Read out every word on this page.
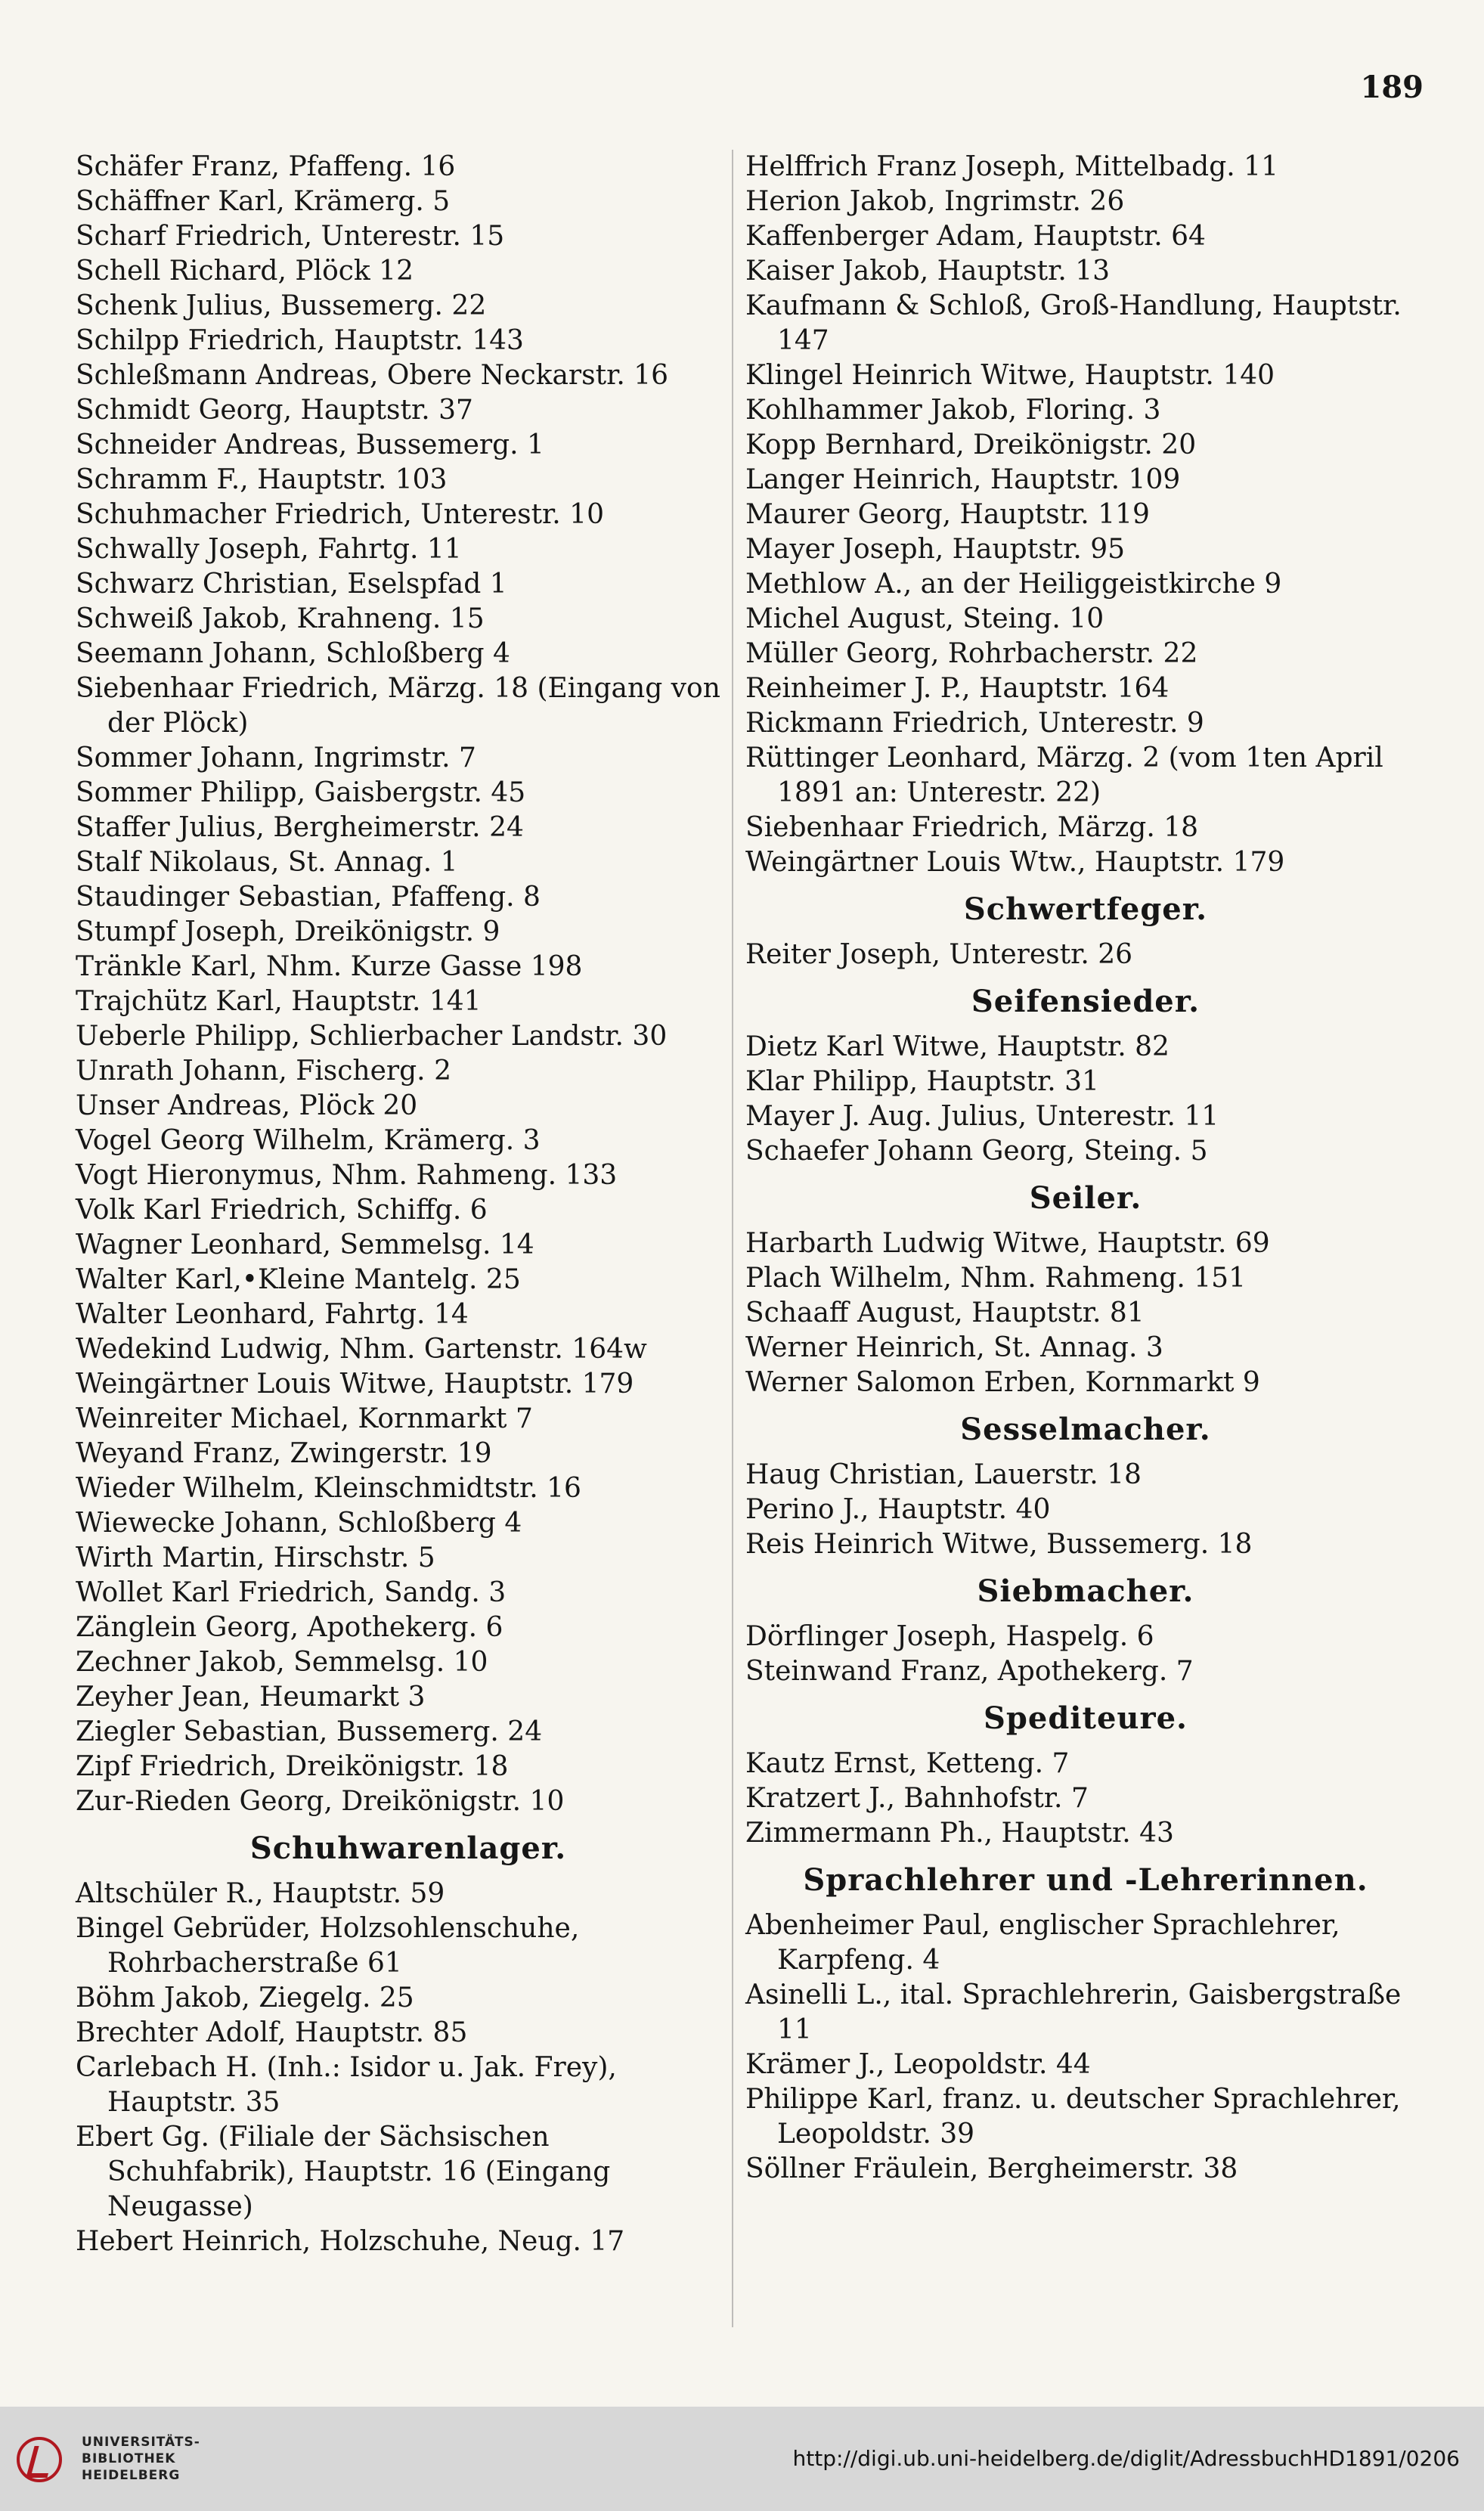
189
Schäfer Franz, Pfaffeng. 16
Schäffner Karl, Krämerg. 5
Scharf Friedrich, Unterestr. 15
Schell Richard, Plöck 12
Schenk Julius, Bussemerg. 22
Schilpp Friedrich, Hauptstr. 143
Schleßmann Andreas, Obere Neckarstr. 16
Schmidt Georg, Hauptstr. 37
Schneider Andreas, Bussemerg. 1
Schramm F., Hauptstr. 103
Schuhmacher Friedrich, Unterestr. 10
Schwally Joseph, Fahrtg. 11
Schwarz Christian, Eselspfad 1
Schweiß Jakob, Krahneng. 15
Seemann Johann, Schloßberg 4
Siebenhaar Friedrich, Märzg. 18 (Eingang von der Plöck)
Sommer Johann, Ingrimstr. 7
Sommer Philipp, Gaisbergstr. 45
Staffer Julius, Bergheimerstr. 24
Stalf Nikolaus, St. Annag. 1
Staudinger Sebastian, Pfaffeng. 8
Stumpf Joseph, Dreikönigstr. 9
Tränkle Karl, Nhm. Kurze Gasse 198
Trajchütz Karl, Hauptstr. 141
Ueberle Philipp, Schlierbacher Landstr. 30
Unrath Johann, Fischerg. 2
Unser Andreas, Plöck 20
Vogel Georg Wilhelm, Krämerg. 3
Vogt Hieronymus, Nhm. Rahmeng. 133
Volk Karl Friedrich, Schiffg. 6
Wagner Leonhard, Semmelsg. 14
Walter Karl,•Kleine Mantelg. 25
Walter Leonhard, Fahrtg. 14
Wedekind Ludwig, Nhm. Gartenstr. 164w
Weingärtner Louis Witwe, Hauptstr. 179
Weinreiter Michael, Kornmarkt 7
Weyand Franz, Zwingerstr. 19
Wieder Wilhelm, Kleinschmidtstr. 16
Wiewecke Johann, Schloßberg 4
Wirth Martin, Hirschstr. 5
Wollet Karl Friedrich, Sandg. 3
Zänglein Georg, Apothekerg. 6
Zechner Jakob, Semmelsg. 10
Zeyher Jean, Heumarkt 3
Ziegler Sebastian, Bussemerg. 24
Zipf Friedrich, Dreikönigstr. 18
Zur-Rieden Georg, Dreikönigstr. 10
Schuhwarenlager.
Altschüler R., Hauptstr. 59
Bingel Gebrüder, Holzsohlenschuhe, Rohrbacherstraße 61
Böhm Jakob, Ziegelg. 25
Brechter Adolf, Hauptstr. 85
Carlebach H. (Inh.: Isidor u. Jak. Frey), Hauptstr. 35
Ebert Gg. (Filiale der Sächsischen Schuhfabrik), Hauptstr. 16 (Eingang Neugasse)
Hebert Heinrich, Holzschuhe, Neug. 17
Helffrich Franz Joseph, Mittelbadg. 11
Herion Jakob, Ingrimstr. 26
Kaffenberger Adam, Hauptstr. 64
Kaiser Jakob, Hauptstr. 13
Kaufmann & Schloß, Groß-Handlung, Hauptstr. 147
Klingel Heinrich Witwe, Hauptstr. 140
Kohlhammer Jakob, Floring. 3
Kopp Bernhard, Dreikönigstr. 20
Langer Heinrich, Hauptstr. 109
Maurer Georg, Hauptstr. 119
Mayer Joseph, Hauptstr. 95
Methlow A., an der Heiliggeistkirche 9
Michel August, Steing. 10
Müller Georg, Rohrbacherstr. 22
Reinheimer J. P., Hauptstr. 164
Rickmann Friedrich, Unterestr. 9
Rüttinger Leonhard, Märzg. 2 (vom 1ten April 1891 an: Unterestr. 22)
Siebenhaar Friedrich, Märzg. 18
Weingärtner Louis Wtw., Hauptstr. 179
Schwertfeger.
Reiter Joseph, Unterestr. 26
Seifensieder.
Dietz Karl Witwe, Hauptstr. 82
Klar Philipp, Hauptstr. 31
Mayer J. Aug. Julius, Unterestr. 11
Schaefer Johann Georg, Steing. 5
Seiler.
Harbarth Ludwig Witwe, Hauptstr. 69
Plach Wilhelm, Nhm. Rahmeng. 151
Schaaff August, Hauptstr. 81
Werner Heinrich, St. Annag. 3
Werner Salomon Erben, Kornmarkt 9
Sesselmacher.
Haug Christian, Lauerstr. 18
Perino J., Hauptstr. 40
Reis Heinrich Witwe, Bussemerg. 18
Siebmacher.
Dörflinger Joseph, Haspelg. 6
Steinwand Franz, Apothekerg. 7
Spediteure.
Kautz Ernst, Ketteng. 7
Kratzert J., Bahnhofstr. 7
Zimmermann Ph., Hauptstr. 43
Sprachlehrer und -Lehrerinnen.
Abenheimer Paul, englischer Sprachlehrer, Karpfeng. 4
Asinelli L., ital. Sprachlehrerin, Gaisbergstraße 11
Krämer J., Leopoldstr. 44
Philippe Karl, franz. u. deutscher Sprachlehrer, Leopoldstr. 39
Söllner Fräulein, Bergheimerstr. 38
UNIVERSITÄTS-
BIBLIOTHEK
HEIDELBERG
http://digi.ub.uni-heidelberg.de/diglit/AdressbuchHD1891/0206
